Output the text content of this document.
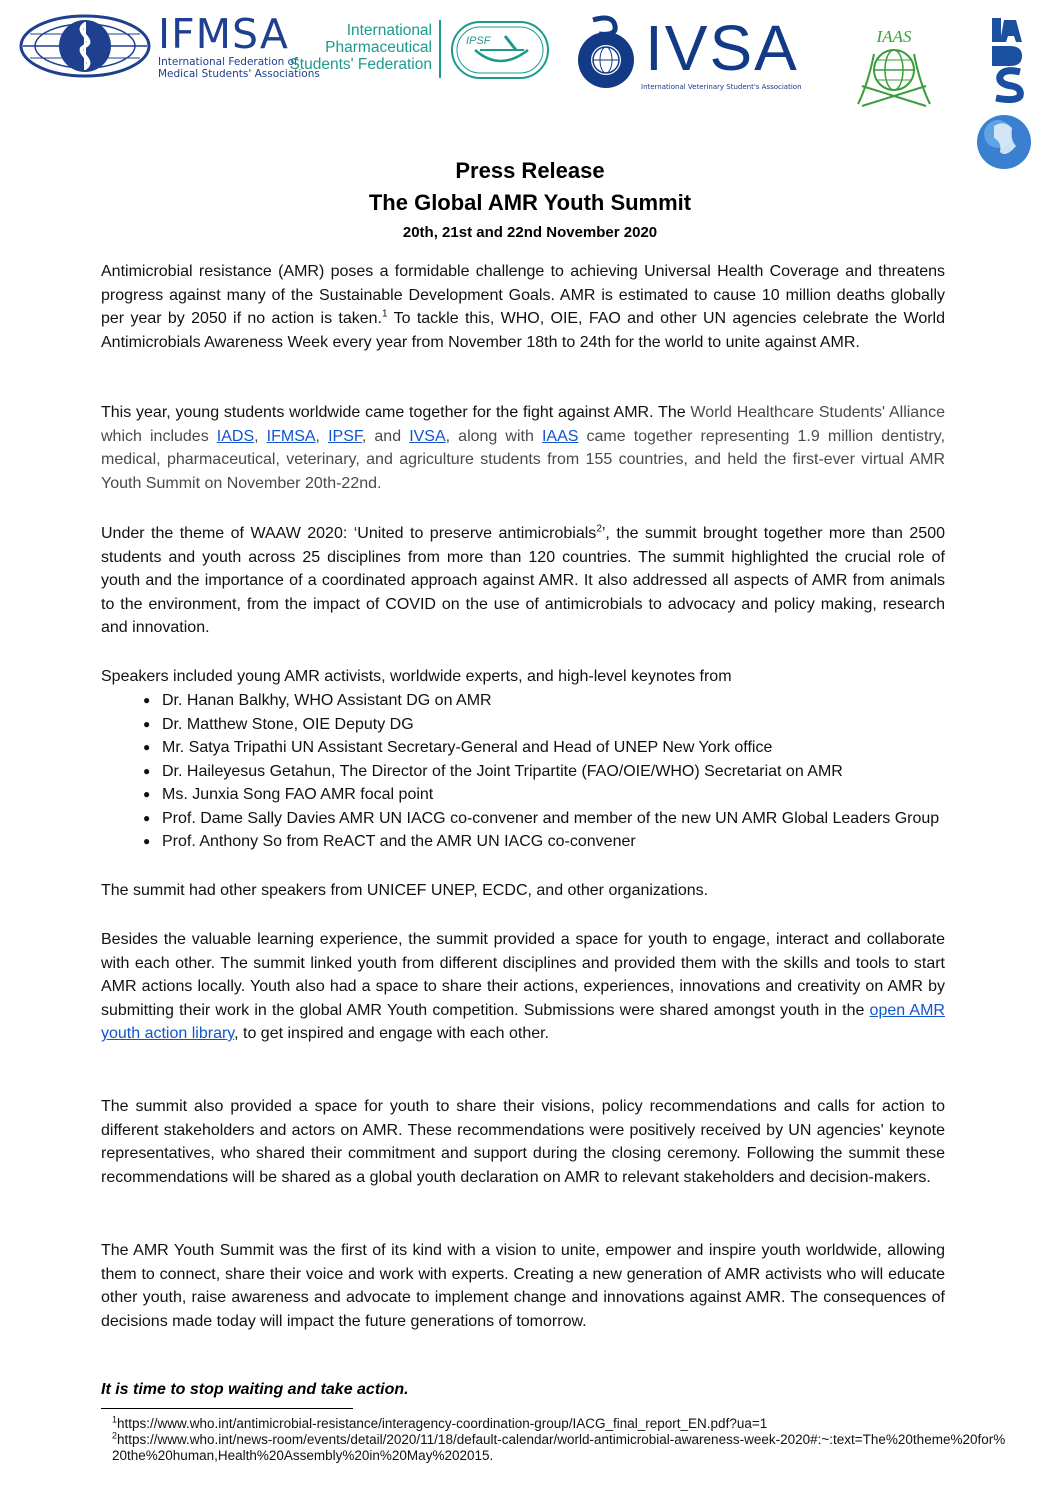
IFMSA
International Federation of
Medical Students' Associations
International
Pharmaceutical
Students' Federation
IPSF IVSA
International Veterinary Student's Association
IAAS
Press Release
The Global AMR Youth Summit
20th, 21st and 22nd November 2020

Antimicrobial resistance (AMR) poses a formidable challenge to achieving Universal Health Coverage and threatens progress against many of the Sustainable Development Goals. AMR is estimated to cause 10 million deaths globally per year by 2050 if no action is taken.$^1$ To tackle this, WHO, OIE, FAO and other UN agencies celebrate the World Antimicrobials Awareness Week every year from November 18th to 24th for the world to unite against AMR.

This year, young students worldwide came together for the fight against AMR. The World Healthcare Students' Alliance which includes IADS, IFMSA, IPSF, and IVSA, along with IAAS came together representing 1.9 million dentistry, medical, pharmaceutical, veterinary, and agriculture students from 155 countries, and held the first-ever virtual AMR Youth Summit on November 20th-22nd.

Under the theme of WAAW 2020: ‘United to preserve antimicrobials$^2$’, the summit brought together more than 2500 students and youth across 25 disciplines from more than 120 countries. The summit highlighted the crucial role of youth and the importance of a coordinated approach against AMR. It also addressed all aspects of AMR from animals to the environment, from the impact of COVID on the use of antimicrobials to advocacy and policy making, research and innovation.

Speakers included young AMR activists, worldwide experts, and high-level keynotes from

● Dr. Hanan Balkhy, WHO Assistant DG on AMR
● Dr. Matthew Stone, OIE Deputy DG
● Mr. Satya Tripathi UN Assistant Secretary-General and Head of UNEP New York office
● Dr. Haileyesus Getahun, The Director of the Joint Tripartite (FAO/OIE/WHO) Secretariat on AMR
● Ms. Junxia Song FAO AMR focal point
● Prof. Dame Sally Davies AMR UN IACG co-convener and member of the new UN AMR Global Leaders Group
● Prof. Anthony So from ReACT and the AMR UN IACG co-convener

The summit had other speakers from UNICEF UNEP, ECDC, and other organizations.

Besides the valuable learning experience, the summit provided a space for youth to engage, interact and collaborate with each other. The summit linked youth from different disciplines and provided them with the skills and tools to start AMR actions locally. Youth also had a space to share their actions, experiences, innovations and creativity on AMR by submitting their work in the global AMR Youth competition. Submissions were shared amongst youth in the open AMR youth action library, to get inspired and engage with each other.

The summit also provided a space for youth to share their visions, policy recommendations and calls for action to different stakeholders and actors on AMR. These recommendations were positively received by UN agencies' keynote representatives, who shared their commitment and support during the closing ceremony. Following the summit these recommendations will be shared as a global youth declaration on AMR to relevant stakeholders and decision-makers.

The AMR Youth Summit was the first of its kind with a vision to unite, empower and inspire youth worldwide, allowing them to connect, share their voice and work with experts. Creating a new generation of AMR activists who will educate other youth, raise awareness and advocate to implement change and innovations against AMR. The consequences of decisions made today will impact the future generations of tomorrow.

It is time to stop waiting and take action.
$^1$https://www.who.int/antimicrobial-resistance/interagency-coordination-group/IACG_final_report_EN.pdf?ua=1
$^2$https://www.who.int/news-room/events/detail/2020/11/18/default-calendar/world-antimicrobial-awareness-week-2020#:~:text=The%20theme%20for%20the%20human,Health%20Assembly%20in%20May%202015.
